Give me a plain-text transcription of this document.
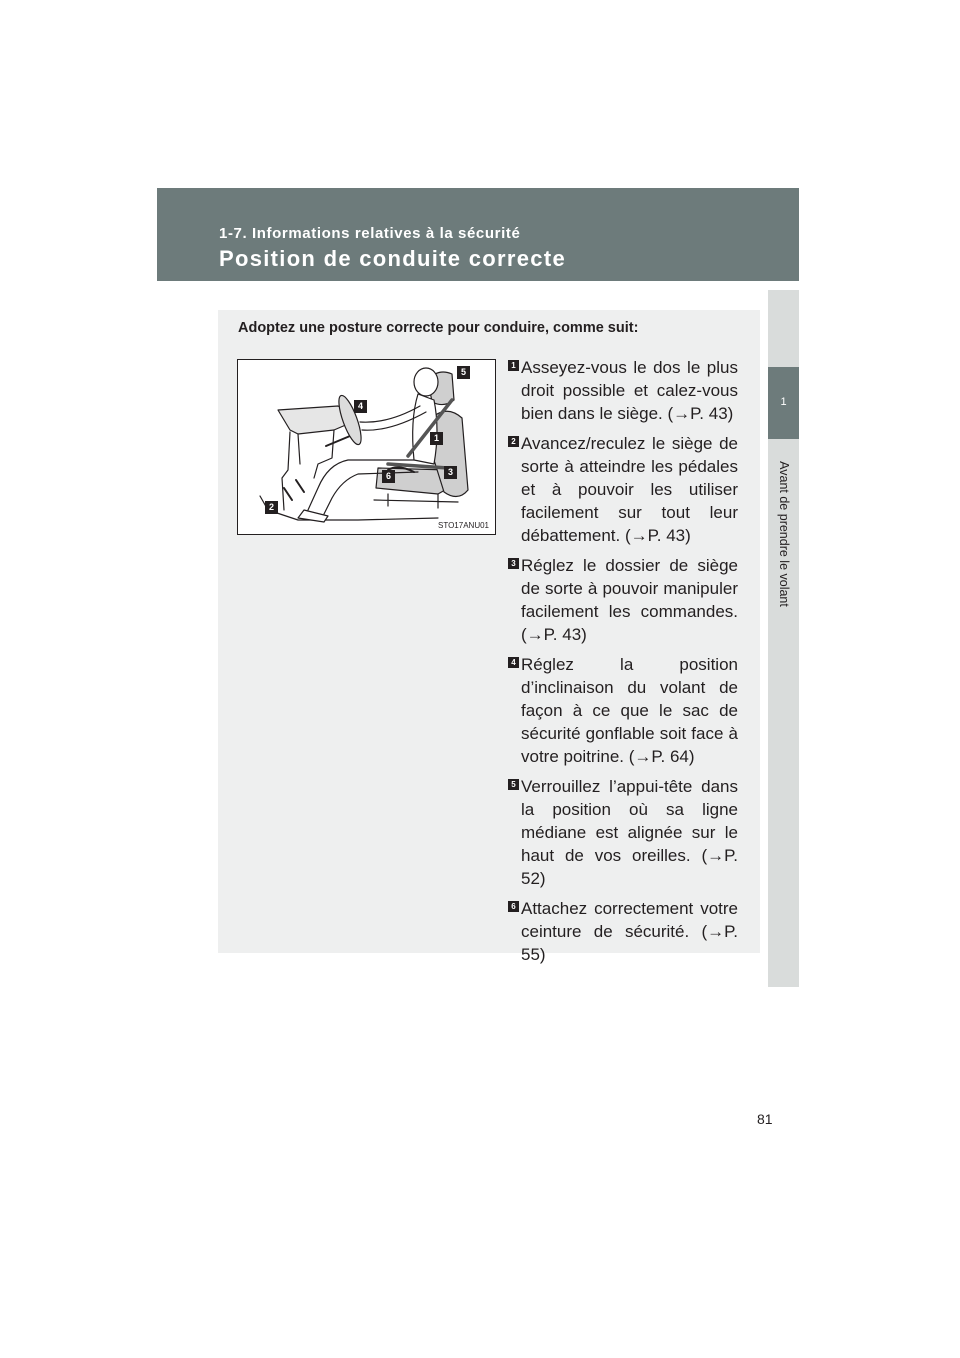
1-7. Informations relatives à la sécurité
Position de conduite correcte
1
Avant de prendre le volant
Adoptez une posture correcte pour conduire, comme suit:
5
4
1
3
6
2
STO17ANU01
1 Asseyez-vous le dos le plus droit possible et calez-vous bien dans le siège. (→P. 43)
2 Avancez/reculez le siège de sorte à atteindre les pédales et à pouvoir les utiliser facilement sur tout leur débattement. (→P. 43)
3 Réglez le dossier de siège de sorte à pouvoir manipuler facilement les commandes. (→P. 43)
4 Réglez la position d’inclinaison du volant de façon à ce que le sac de sécurité gonflable soit face à votre poitrine. (→P. 64)
5 Verrouillez l’appui-tête dans la position où sa ligne médiane est alignée sur le haut de vos oreilles. (→P. 52)
6 Attachez correctement votre ceinture de sécurité. (→P. 55)
81
